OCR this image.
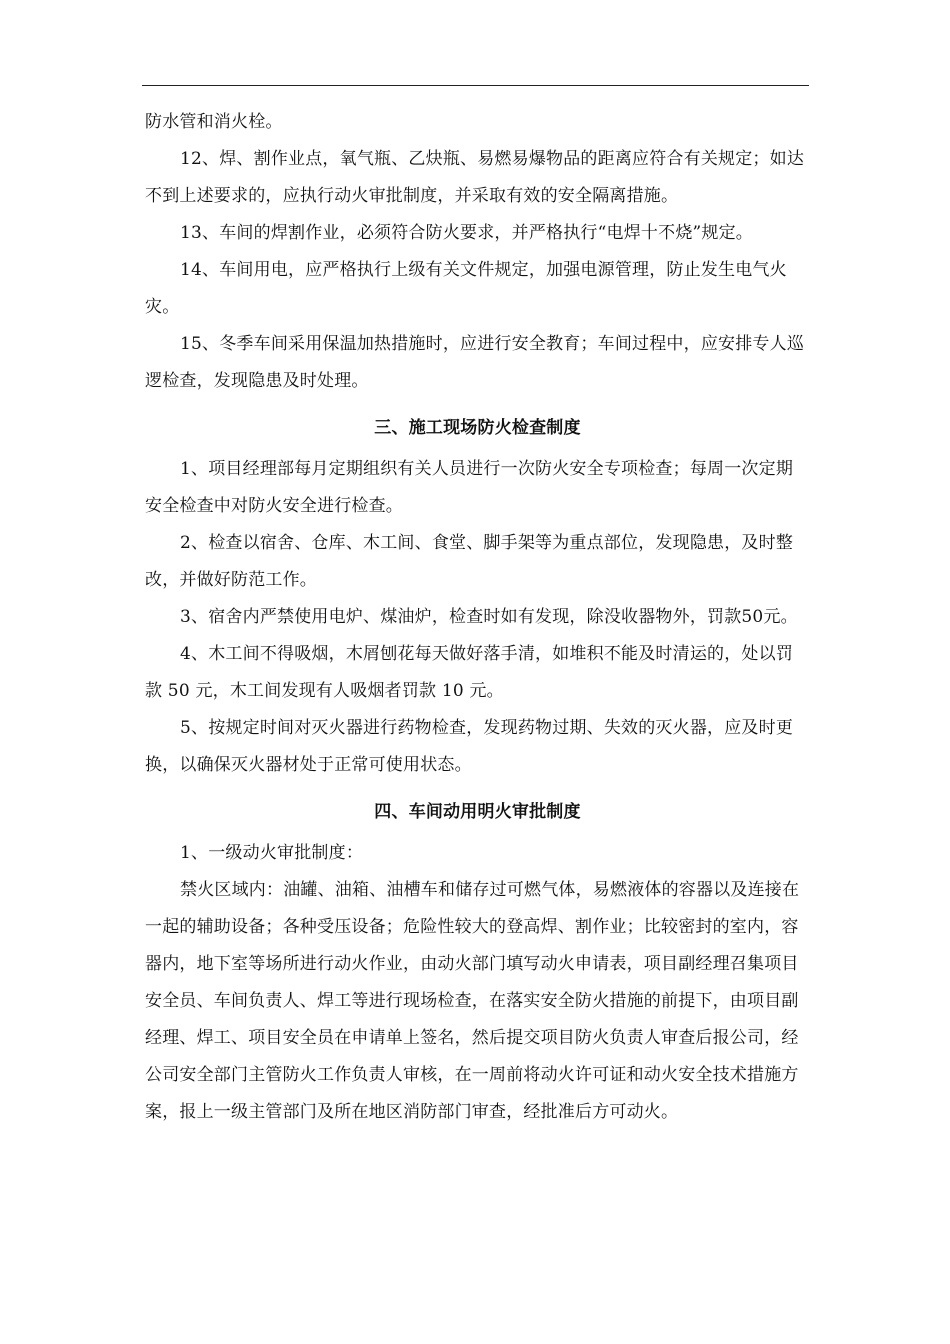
防水管和消火栓。

12、焊、割作业点，氧气瓶、乙炔瓶、易燃易爆物品的距离应符合有关规定；如达不到上述要求的，应执行动火审批制度，并采取有效的安全隔离措施。

13、车间的焊割作业，必须符合防火要求，并严格执行“电焊十不烧”规定。

14、车间用电，应严格执行上级有关文件规定，加强电源管理，防止发生电气火灾。

15、冬季车间采用保温加热措施时，应进行安全教育；车间过程中，应安排专人巡逻检查，发现隐患及时处理。

三、施工现场防火检查制度

1、项目经理部每月定期组织有关人员进行一次防火安全专项检查；每周一次定期安全检查中对防火安全进行检查。

2、检查以宿舍、仓库、木工间、食堂、脚手架等为重点部位，发现隐患，及时整改，并做好防范工作。

3、宿舍内严禁使用电炉、煤油炉，检查时如有发现，除没收器物外，罚款50元。

4、木工间不得吸烟，木屑刨花每天做好落手清，如堆积不能及时清运的，处以罚款 50 元，木工间发现有人吸烟者罚款 10 元。

5、按规定时间对灭火器进行药物检查，发现药物过期、失效的灭火器，应及时更换，以确保灭火器材处于正常可使用状态。

四、车间动用明火审批制度

1、一级动火审批制度：

禁火区域内：油罐、油箱、油槽车和储存过可燃气体，易燃液体的容器以及连接在一起的辅助设备；各种受压设备；危险性较大的登高焊、割作业；比较密封的室内，容器内，地下室等场所进行动火作业，由动火部门填写动火申请表，项目副经理召集项目安全员、车间负责人、焊工等进行现场检查，在落实安全防火措施的前提下，由项目副经理、焊工、项目安全员在申请单上签名，然后提交项目防火负责人审查后报公司，经公司安全部门主管防火工作负责人审核，在一周前将动火许可证和动火安全技术措施方案，报上一级主管部门及所在地区消防部门审查，经批准后方可动火。
